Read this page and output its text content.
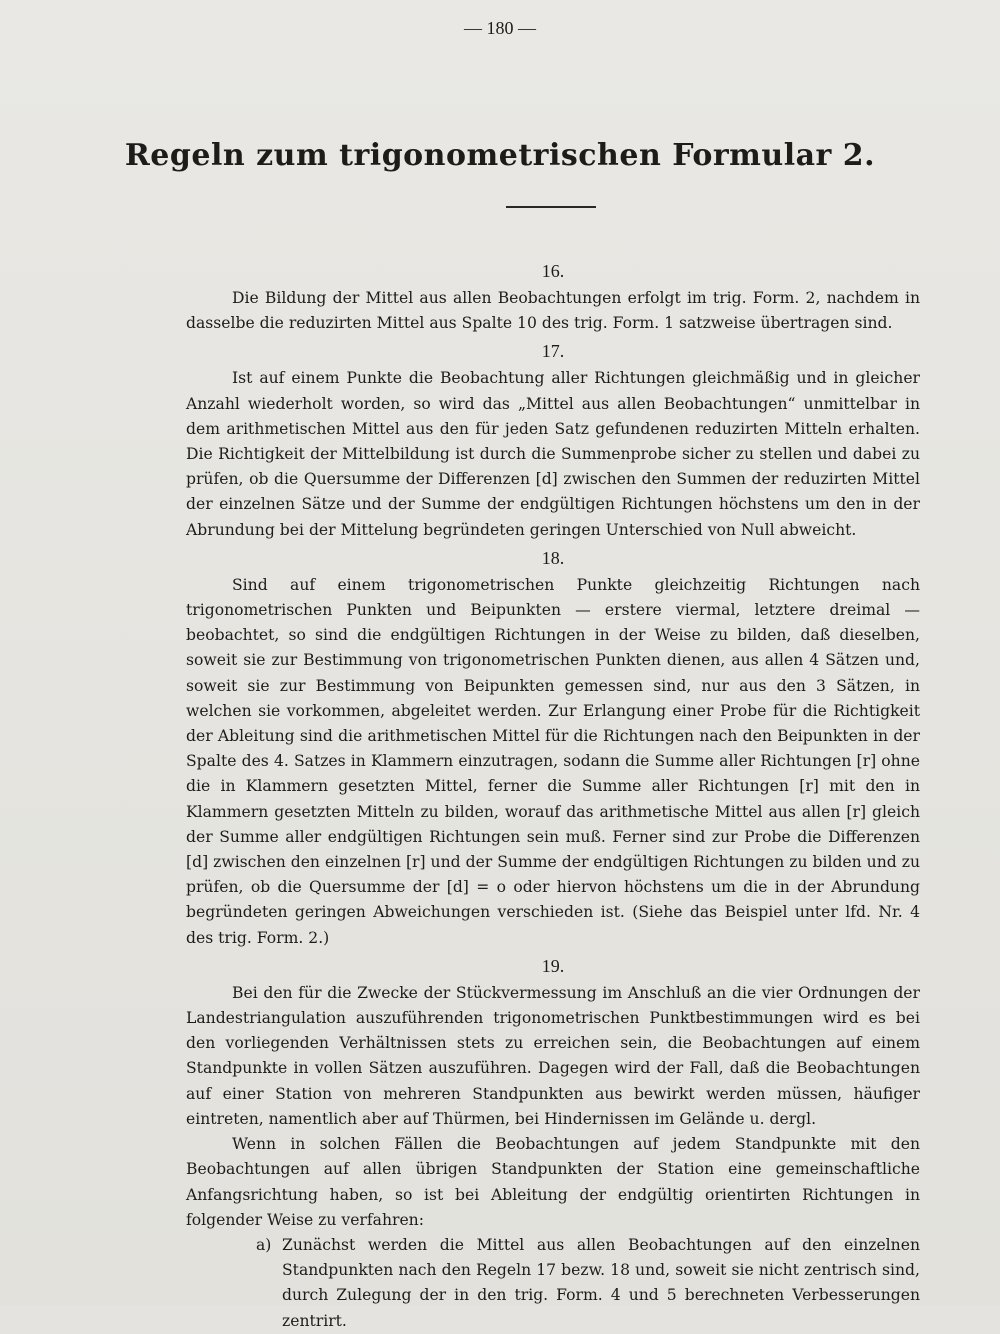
— 180 —
Regeln zum trigonometrischen Formular 2.
16.

Die Bildung der Mittel aus allen Beobachtungen erfolgt im trig. Form. 2, nachdem in dasselbe die reduzirten Mittel aus Spalte 10 des trig. Form. 1 satzweise übertragen sind.

17.

Ist auf einem Punkte die Beobachtung aller Richtungen gleichmäßig und in gleicher Anzahl wiederholt worden, so wird das „Mittel aus allen Beobachtungen“ unmittelbar in dem arithmetischen Mittel aus den für jeden Satz gefundenen reduzirten Mitteln erhalten. Die Richtigkeit der Mittelbildung ist durch die Summenprobe sicher zu stellen und dabei zu prüfen, ob die Quersumme der Differenzen [d] zwischen den Summen der reduzirten Mittel der einzelnen Sätze und der Summe der endgültigen Richtungen höchstens um den in der Abrundung bei der Mittelung begründeten geringen Unterschied von Null abweicht.

18.

Sind auf einem trigonometrischen Punkte gleichzeitig Richtungen nach trigonometrischen Punkten und Beipunkten — erstere viermal, letztere dreimal — beobachtet, so sind die endgültigen Richtungen in der Weise zu bilden, daß dieselben, soweit sie zur Bestimmung von trigonometrischen Punkten dienen, aus allen 4 Sätzen und, soweit sie zur Bestimmung von Beipunkten gemessen sind, nur aus den 3 Sätzen, in welchen sie vorkommen, abgeleitet werden. Zur Erlangung einer Probe für die Richtigkeit der Ableitung sind die arithmetischen Mittel für die Richtungen nach den Beipunkten in der Spalte des 4. Satzes in Klammern einzutragen, sodann die Summe aller Richtungen [r] ohne die in Klammern gesetzten Mittel, ferner die Summe aller Richtungen [r] mit den in Klammern gesetzten Mitteln zu bilden, worauf das arithmetische Mittel aus allen [r] gleich der Summe aller endgültigen Richtungen sein muß. Ferner sind zur Probe die Differenzen [d] zwischen den einzelnen [r] und der Summe der endgültigen Richtungen zu bilden und zu prüfen, ob die Quersumme der [d] = o oder hiervon höchstens um die in der Abrundung begründeten geringen Abweichungen verschieden ist. (Siehe das Beispiel unter lfd. Nr. 4 des trig. Form. 2.)

19.

Bei den für die Zwecke der Stückvermessung im Anschluß an die vier Ordnungen der Landestriangulation auszuführenden trigonometrischen Punktbestimmungen wird es bei den vorliegenden Verhältnissen stets zu erreichen sein, die Beobachtungen auf einem Standpunkte in vollen Sätzen auszuführen. Dagegen wird der Fall, daß die Beobachtungen auf einer Station von mehreren Standpunkten aus bewirkt werden müssen, häufiger eintreten, namentlich aber auf Thürmen, bei Hindernissen im Gelände u. dergl.

Wenn in solchen Fällen die Beobachtungen auf jedem Standpunkte mit den Beobachtungen auf allen übrigen Standpunkten der Station eine gemeinschaftliche Anfangsrichtung haben, so ist bei Ableitung der endgültig orientirten Richtungen in folgender Weise zu verfahren:

a) Zunächst werden die Mittel aus allen Beobachtungen auf den einzelnen Standpunkten nach den Regeln 17 bezw. 18 und, soweit sie nicht zentrisch sind, durch Zulegung der in den trig. Form. 4 und 5 berechneten Verbesserungen zentrirt.
